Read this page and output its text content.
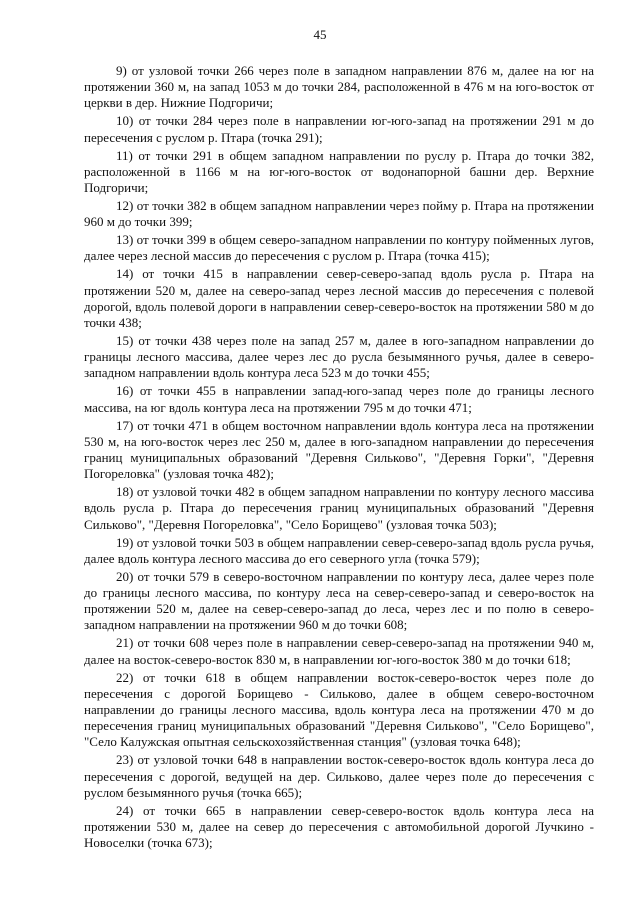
45

9) от узловой точки 266 через поле в западном направлении 876 м, далее на юг на протяжении 360 м, на запад 1053 м до точки 284, расположенной в 476 м на юго-восток от церкви в дер. Нижние Подгоричи;

10) от точки 284 через поле в направлении юг-юго-запад на протяжении 291 м до пересечения с руслом р. Птара (точка 291);

11) от точки 291 в общем западном направлении по руслу р. Птара до точки 382, расположенной в 1166 м на юг-юго-восток от водонапорной башни дер. Верхние Подгоричи;

12) от точки 382 в общем западном направлении через пойму р. Птара на протяжении 960 м до точки 399;

13) от точки 399 в общем северо-западном направлении по контуру пойменных лугов, далее через лесной массив до пересечения с руслом р. Птара (точка 415);

14) от точки 415 в направлении север-северо-запад вдоль русла р. Птара на протяжении 520 м, далее на северо-запад через лесной массив до пересечения с полевой дорогой, вдоль полевой дороги в направлении север-северо-восток на протяжении 580 м до точки 438;

15) от точки 438 через поле на запад 257 м, далее в юго-западном направлении до границы лесного массива, далее через лес до русла безымянного ручья, далее в северо-западном направлении вдоль контура леса 523 м до точки 455;

16) от точки 455 в направлении запад-юго-запад через поле до границы лесного массива, на юг вдоль контура леса на протяжении 795 м до точки 471;

17) от точки 471 в общем восточном направлении вдоль контура леса на протяжении 530 м, на юго-восток через лес 250 м, далее в юго-западном направлении до пересечения границ муниципальных образований "Деревня Сильково", "Деревня Горки", "Деревня Погореловка" (узловая точка 482);

18) от узловой точки 482 в общем западном направлении по контуру лесного массива вдоль русла р. Птара до пересечения границ муниципальных образований "Деревня Сильково", "Деревня Погореловка", "Село Борищево" (узловая точка 503);

19) от узловой точки 503 в общем направлении север-северо-запад вдоль русла ручья, далее вдоль контура лесного массива до его северного угла (точка 579);

20) от точки 579 в северо-восточном направлении по контуру леса, далее через поле до границы лесного массива, по контуру леса на север-северо-запад и северо-восток на протяжении 520 м, далее на север-северо-запад до леса, через лес и по полю в северо-западном направлении на протяжении 960 м до точки 608;

21) от точки 608 через поле в направлении север-северо-запад на протяжении 940 м, далее на восток-северо-восток 830 м, в направлении юг-юго-восток 380 м до точки 618;

22) от точки 618 в общем направлении восток-северо-восток через поле до пересечения с дорогой Борищево - Сильково, далее в общем северо-восточном направлении до границы лесного массива, вдоль контура леса на протяжении 470 м до пересечения границ муниципальных образований "Деревня Сильково", "Село Борищево", "Село Калужская опытная сельскохозяйственная станция" (узловая точка 648);

23) от узловой точки 648 в направлении восток-северо-восток вдоль контура леса до пересечения с дорогой, ведущей на дер. Сильково, далее через поле до пересечения с руслом безымянного ручья (точка 665);

24) от точки 665 в направлении север-северо-восток вдоль контура леса на протяжении 530 м, далее на север до пересечения с автомобильной дорогой Лучкино - Новоселки (точка 673);
